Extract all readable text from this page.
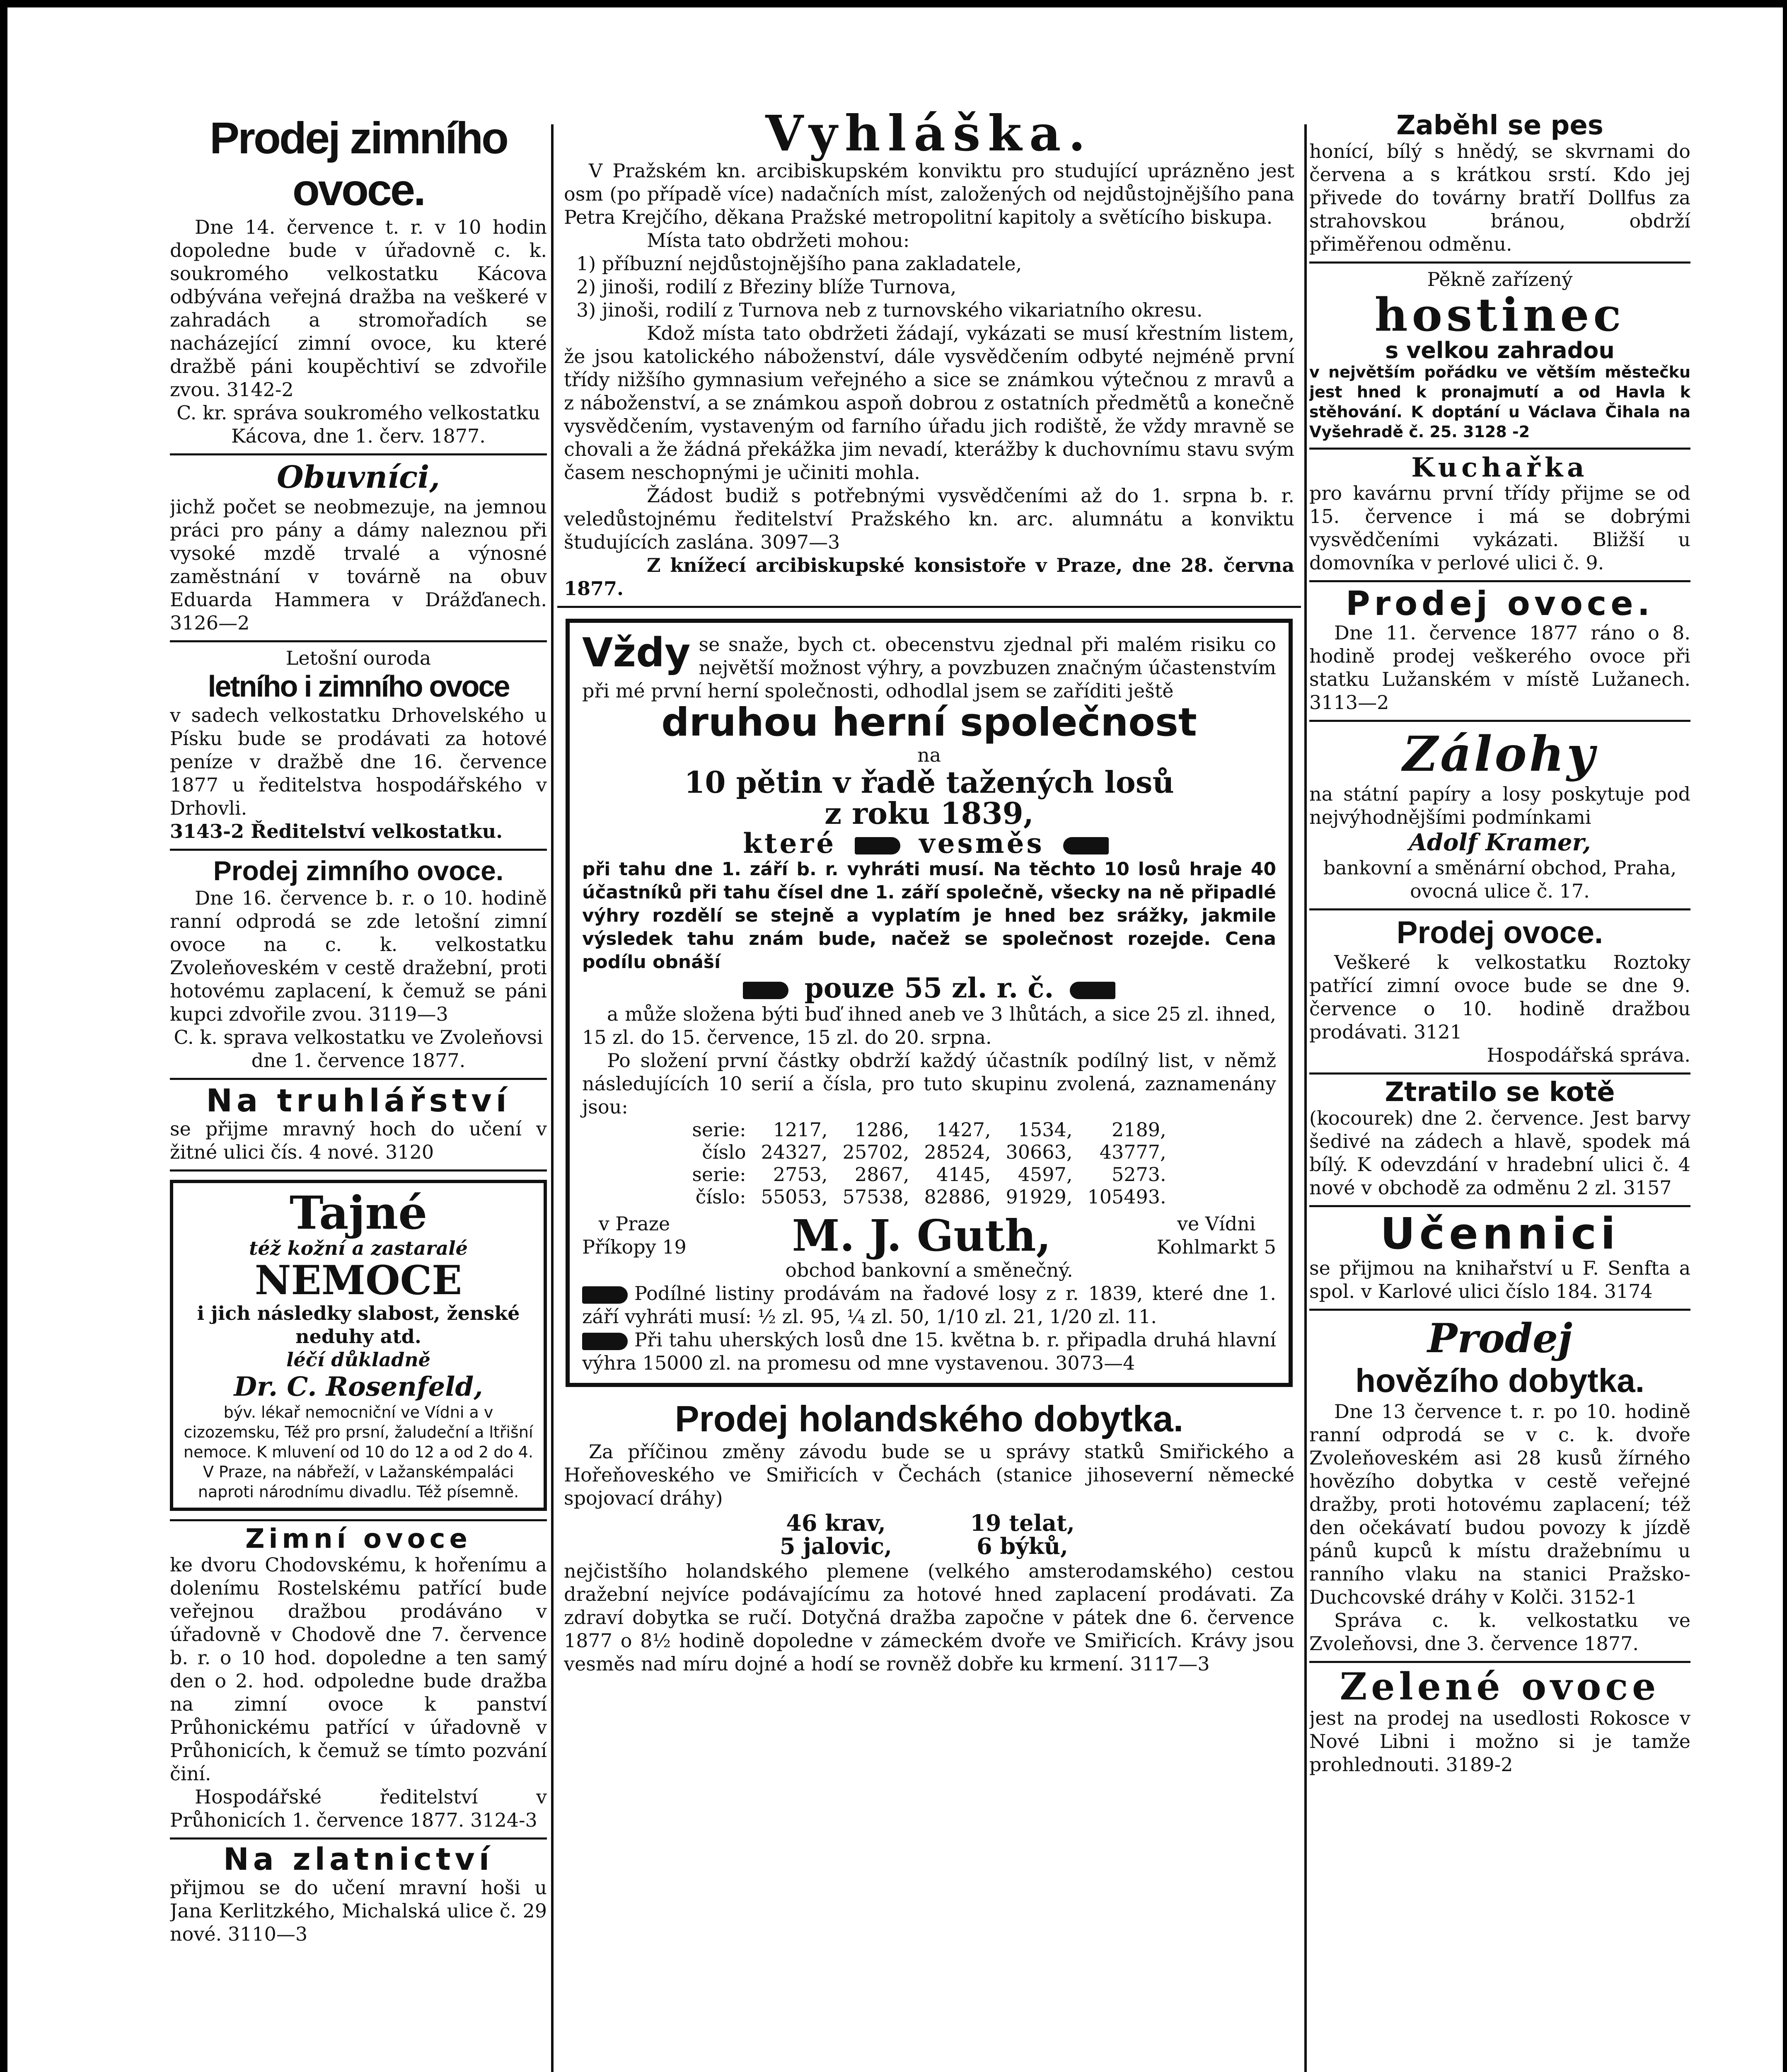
Prodej zimního ovoce.

Dne 14. července t. r. v 10 hodin dopoledne bude v úřadovně c. k. soukromého velkostatku Kácova odbývána veřejná dražba na veškeré v zahradách a stromořadích se nacházející zimní ovoce, ku které dražbě páni koupěchtiví se zdvořile zvou. 3142-2

C. kr. správa soukromého velkostatku Kácova, dne 1. červ. 1877.

Obuvníci,

jichž počet se neobmezuje, na jemnou práci pro pány a dámy naleznou při vysoké mzdě trvalé a výnosné zaměstnání v továrně na obuv Eduarda Hammera v Drážďanech. 3126—2

Letošní ouroda

letního i zimního ovoce

v sadech velkostatku Drhovelského u Písku bude se prodávati za hotové peníze v dražbě dne 16. července 1877 u ředitelstva hospodářského v Drhovli.

3143-2 Ředitelství velkostatku.

Prodej zimního ovoce.

Dne 16. července b. r. o 10. hodině ranní odprodá se zde letošní zimní ovoce na c. k. velkostatku Zvoleňoveském v cestě dražební, proti hotovému zaplacení, k čemuž se páni kupci zdvořile zvou. 3119—3

C. k. sprava velkostatku ve Zvoleňovsi dne 1. července 1877.

Na truhlářství

se přijme mravný hoch do učení v žitné ulici čís. 4 nové. 3120

Tajné

též kožní a zastaralé

NEMOCE

i jich následky slabost, ženské neduhy atd.

léčí důkladně

Dr. C. Rosenfeld,

býv. lékař nemocniční ve Vídni a v cizozemsku, Též pro prsní, žaludeční a ltřišní nemoce. K mluvení od 10 do 12 a od 2 do 4. V Praze, na nábřeží, v Lažanskémpaláci naproti národnímu divadlu. Též písemně.

Zimní ovoce

ke dvoru Chodovskému, k hořenímu a dolenímu Rostelskému patřící bude veřejnou dražbou prodáváno v úřadovně v Chodově dne 7. července b. r. o 10 hod. dopoledne a ten samý den o 2. hod. odpoledne bude dražba na zimní ovoce k panství Průhonickému patřící v úřadovně v Průhonicích, k čemuž se tímto pozvání činí.

Hospodářské ředitelství v Průhonicích 1. července 1877. 3124-3

Na zlatnictví

přijmou se do učení mravní hoši u Jana Kerlitzkého, Michalská ulice č. 29 nové. 3110—3

Vyhláška.

V Pražském kn. arcibiskupském konviktu pro studující uprázněno jest osm (po případě více) nadačních míst, založených od nejdůstojnějšího pana Petra Krejčího, děkana Pražské metropolitní kapitoly a světícího biskupa.

Místa tato obdržeti mohou:

1) příbuzní nejdůstojnějšího pana zakladatele,

2) jinoši, rodilí z Březiny blíže Turnova,

3) jinoši, rodilí z Turnova neb z turnovského vikariatního okresu.

Kdož místa tato obdržeti žádají, vykázati se musí křestním listem, že jsou katolického náboženství, dále vysvědčením odbyté nejméně první třídy nižšího gymnasium veřejného a sice se známkou výtečnou z mravů a z náboženství, a se známkou aspoň dobrou z ostatních předmětů a konečně vysvědčením, vystaveným od farního úřadu jich rodiště, že vždy mravně se chovali a že žádná překážka jim nevadí, kterážby k duchovnímu stavu svým časem neschopnými je učiniti mohla.

Žádost budiž s potřebnými vysvědčeními až do 1. srpna b. r. veledůstojnému ředitelství Pražského kn. arc. alumnátu a konviktu študujících zaslána. 3097—3

Z knížecí arcibiskupské konsistoře v Praze, dne 28. června 1877.

Vždy se snaže, bych ct. obecenstvu zjednal při malém risiku co největší možnost výhry, a povzbuzen značným účastenstvím při mé první herní společnosti, odhodlal jsem se zaříditi ještě

druhou herní společnost

na

10 pětin v řadě tažených losů

z roku 1839,

které	vesměs

při tahu dne 1. září b. r. vyhráti musí. Na těchto 10 losů hraje 40 účastníků při tahu čísel dne 1. září společně, všecky na ně připadlé výhry rozdělí se stejně a vyplatím je hned bez srážky, jakmile výsledek tahu znám bude, načež se společnost rozejde. Cena podílu obnáší

pouze 55 zl. r. č.

a může složena býti buď ihned aneb ve 3 lhůtách, a sice 25 zl. ihned, 15 zl. do 15. července, 15 zl. do 20. srpna.

Po složení první částky obdrží každý účastník podílný list, v němž následujících 10 serií a čísla, pro tuto skupinu zvolená, zaznamenány jsou:

serie:	1217,	1286,	1427,	1534,	2189,
číslo	24327,	25702,	28524,	30663,	43777,
serie:	2753,	2867,	4145,	4597,	5273.
číslo:	55053,	57538,	82886,	91929,	105493.

v Praze

Příkopy 19 M. J. Guth,	ve Vídni

Kohlmarkt 5

obchod bankovní a směnečný.

Podílné listiny prodávám na řadové losy z r. 1839, které dne 1. září vyhráti musí: ½ zl. 95, ¼ zl. 50, 1/10 zl. 21, 1/20 zl. 11.

Při tahu uherských losů dne 15. května b. r. připadla druhá hlavní výhra 15000 zl. na promesu od mne vystavenou. 3073—4

Prodej holandského dobytka.

Za příčinou změny závodu bude se u správy statků Smiřického a Hořeňoveského ve Smiřicích v Čechách (stanice jihoseverní německé spojovací dráhy)

46 krav,	19 telat,

5 jalovic,	6 býků,

nejčistšího holandského plemene (velkého amsterodamského) cestou dražební nejvíce podávajícímu za hotové hned zaplacení prodávati. Za zdraví dobytka se ručí. Dotyčná dražba započne v pátek dne 6. července 1877 o 8½ hodině dopoledne v zámeckém dvoře ve Smiřicích. Krávy jsou vesměs nad míru dojné a hodí se rovněž dobře ku krmení. 3117—3

Zaběhl se pes

honící, bílý s hnědý, se skvrnami do červena a s krátkou srstí. Kdo jej přivede do továrny bratří Dollfus za strahovskou bránou, obdrží přiměřenou odměnu.

Pěkně zařízený

hostinec

s velkou zahradou

v největším pořádku ve větším městečku jest hned k pronajmutí a od Havla k stěhování. K doptání u Václava Čihala na Vyšehradě č. 25. 3128 -2

Kuchařka

pro kavárnu první třídy přijme se od 15. července i má se dobrými vysvědčeními vykázati. Bližší u domovníka v perlové ulici č. 9.

Prodej ovoce.

Dne 11. července 1877 ráno o 8. hodině prodej veškerého ovoce při statku Lužanském v místě Lužanech. 3113—2

Zálohy

na státní papíry a losy poskytuje pod nejvýhodnějšími podmínkami

Adolf Kramer,

bankovní a směnární obchod, Praha, ovocná ulice č. 17.

Prodej ovoce.

Veškeré k velkostatku Roztoky patřící zimní ovoce bude se dne 9. července o 10. hodině dražbou prodávati. 3121

Hospodářská správa.

Ztratilo se kotě

(kocourek) dne 2. července. Jest barvy šedivé na zádech a hlavě, spodek má bílý. K odevzdání v hradební ulici č. 4 nové v obchodě za odměnu 2 zl. 3157

Učennici

se přijmou na knihařství u F. Senfta a spol. v Karlové ulici číslo 184. 3174

Prodej

hovězího dobytka.

Dne 13 července t. r. po 10. hodině ranní odprodá se v c. k. dvoře Zvoleňoveském asi 28 kusů žírného hovězího dobytka v cestě veřejné dražby, proti hotovému zaplacení; též den očekávatí budou povozy k jízdě pánů kupců k místu dražebnímu u ranního vlaku na stanici Pražsko-Duchcovské dráhy v Kolči. 3152-1

Správa c. k. velkostatku ve Zvoleňovsi, dne 3. července 1877.

Zelené ovoce

jest na prodej na usedlosti Rokosce v Nové Libni i možno si je tamže prohlednouti. 3189-2
